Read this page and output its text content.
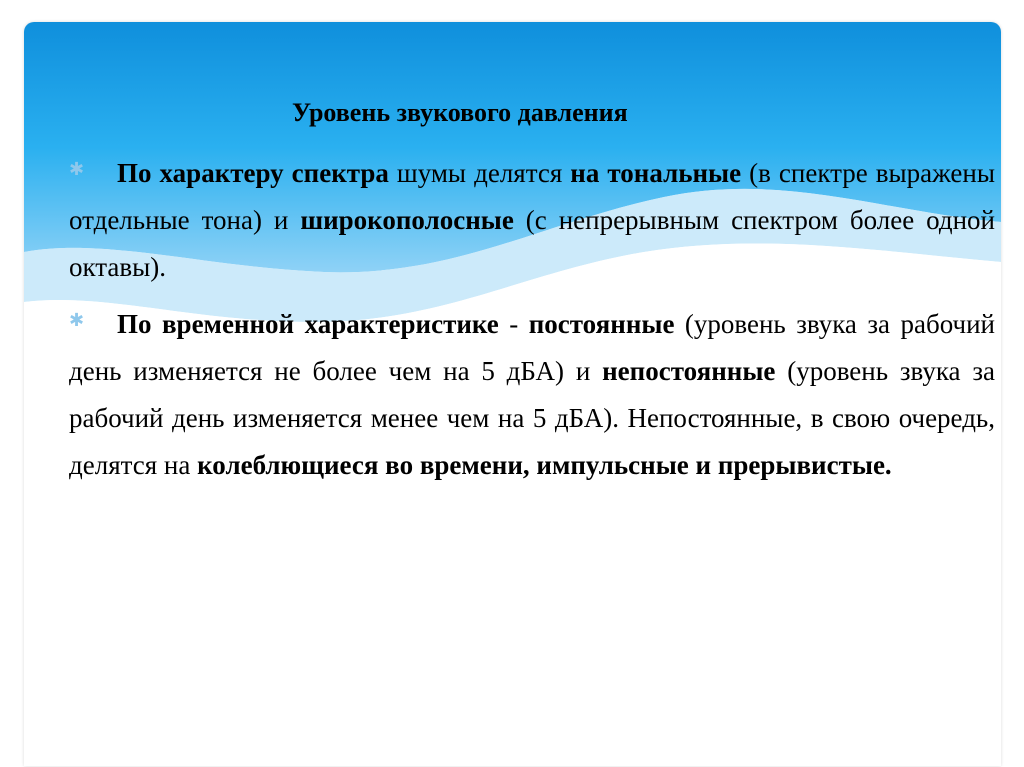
Уровень звукового давления

✱ По характеру спектра шумы делятся на тональные (в спектре выражены отдельные тона) и широкополосные (с непрерывным спектром более одной октавы).

✱ По временной характеристике - постоянные (уровень звука за рабочий день изменяется не более чем на 5 дБА) и непостоянные (уровень звука за рабочий день изменяется менее чем на 5 дБА). Непостоянные, в свою очередь, делятся на колеблющиеся во времени, импульсные и прерывистые.
